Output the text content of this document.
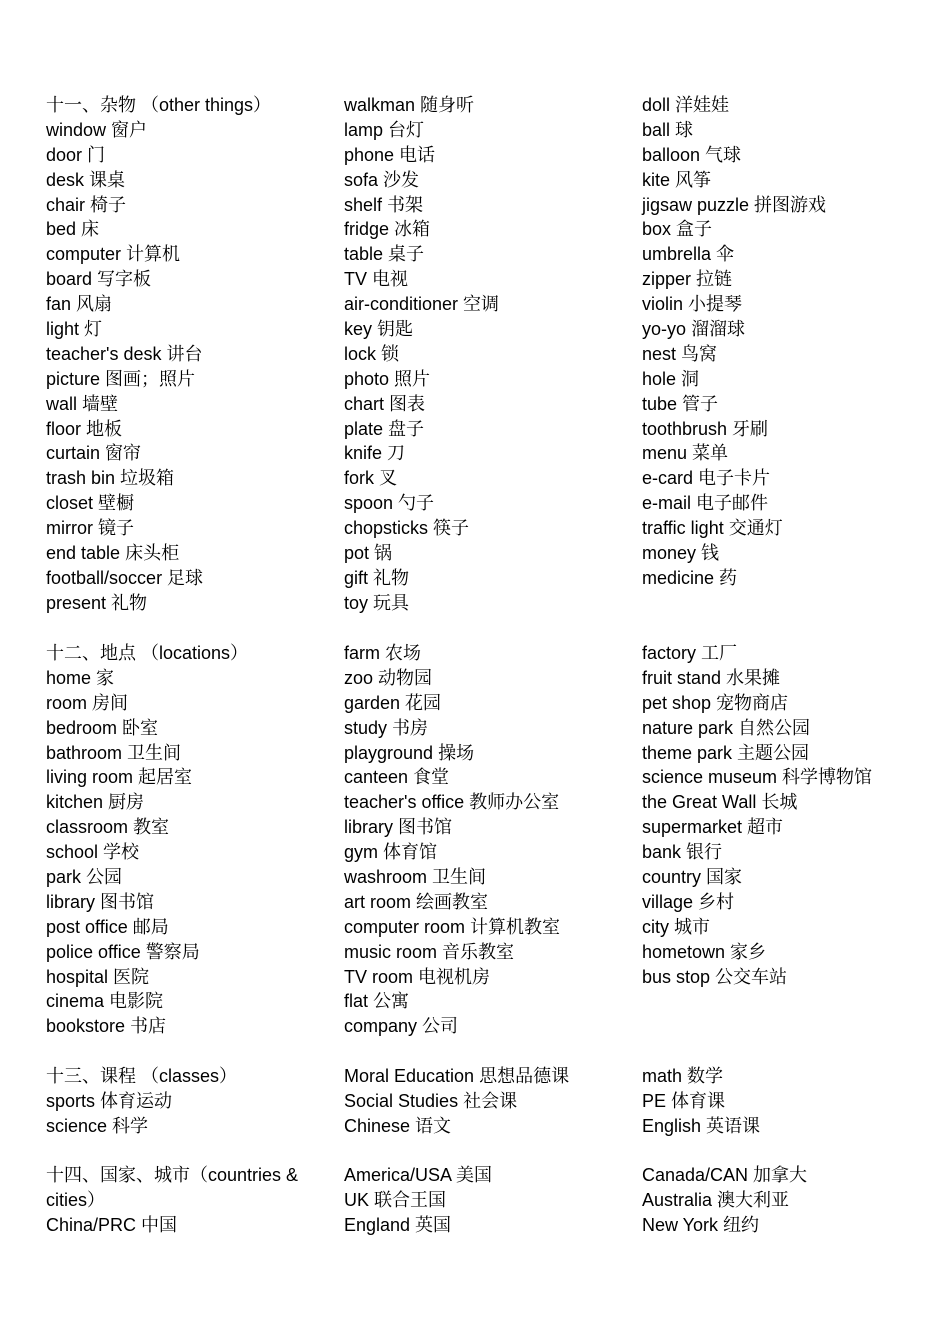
十一、杂物 （other things）
window 窗户
door 门
desk 课桌
chair 椅子
bed 床
computer 计算机
board 写字板
fan 风扇
light 灯
teacher's desk 讲台
picture 图画；照片
wall 墙壁
floor 地板
curtain 窗帘
trash bin 垃圾箱
closet 壁橱
mirror 镜子
end table 床头柜
football/soccer 足球
present 礼物
walkman 随身听
lamp 台灯
phone 电话
sofa 沙发
shelf 书架
fridge 冰箱
table 桌子
TV 电视
air-conditioner 空调
key 钥匙
lock 锁
photo 照片
chart 图表
plate 盘子
knife 刀
fork 叉
spoon 勺子
chopsticks 筷子
pot 锅
gift 礼物
toy 玩具
doll 洋娃娃
ball 球
balloon 气球
kite 风筝
jigsaw puzzle 拼图游戏
box 盒子
umbrella 伞
zipper 拉链
violin 小提琴
yo-yo 溜溜球
nest 鸟窝
hole 洞
tube 管子
toothbrush 牙刷
menu 菜单
e-card 电子卡片
e-mail 电子邮件
traffic light 交通灯
money 钱
medicine 药
十二、地点 （locations）
home 家
room 房间
bedroom 卧室
bathroom 卫生间
living room 起居室
kitchen 厨房
classroom 教室
school 学校
park 公园
library 图书馆
post office 邮局
police office 警察局
hospital 医院
cinema 电影院
bookstore 书店
farm 农场
zoo 动物园
garden 花园
study 书房
playground 操场
canteen 食堂
teacher's office 教师办公室
library 图书馆
gym 体育馆
washroom 卫生间
art room 绘画教室
computer room 计算机教室
music room 音乐教室
TV room 电视机房
flat 公寓
company 公司
factory 工厂
fruit stand 水果摊
pet shop 宠物商店
nature park 自然公园
theme park 主题公园
science museum 科学博物馆
the Great Wall 长城
supermarket 超市
bank 银行
country 国家
village 乡村
city 城市
hometown 家乡
bus stop 公交车站
十三、课程 （classes）
sports 体育运动
science 科学
Moral Education 思想品德课
Social Studies 社会课
Chinese 语文
math 数学
PE 体育课
English 英语课
十四、国家、城市（countries &
cities）
China/PRC 中国
America/USA 美国
UK 联合王国
England 英国
Canada/CAN 加拿大
Australia 澳大利亚
New York 纽约
